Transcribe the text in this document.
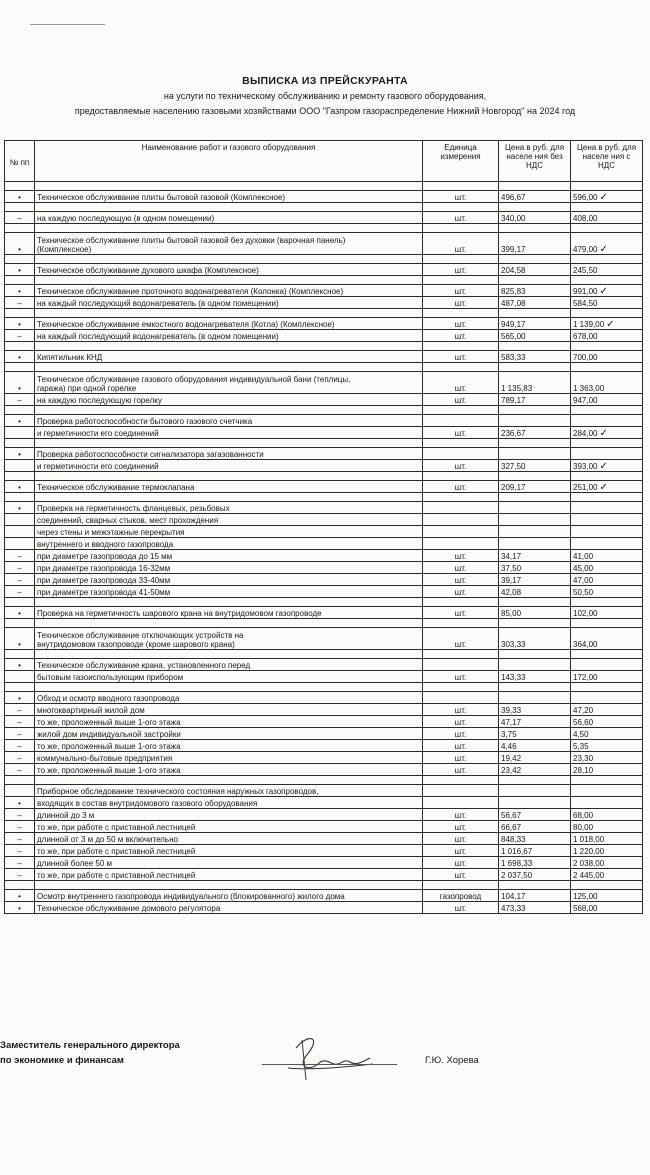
ВЫПИСКА ИЗ ПРЕЙСКУРАНТА
на услуги по техническому обслуживанию и ремонту газового оборудования,
предоставляемые населению газовыми хозяйствами ООО "Газпром газораспределение Нижний Новгород" на 2024 год
№ пп	Наименование работ и газового оборудования	Единица измерения	Цена в руб. для населе ния без НДС	Цена в руб. для населе ния с НДС

•	Техническое обслуживание плиты бытовой газовой (Комплексное)	шт.	496,67	596,00 ✓

–	на каждую последующую (в одном помещении)	шт.	340,00	408,00

•	Техническое обслуживание плиты бытовой газовой без духовки (варочная панель)
(Комплексное)	шт.	399,17	479,00 ✓

•	Техническое обслуживание духового шкафа (Комплексное)	шт.	204,58	245,50

•	Техническое обслуживание проточного водонагревателя (Колонка) (Комплексное)	шт.	825,83	991,00 ✓
–	на каждый последующий водонагреватель (в одном помещении)	шт.	487,08	584,50

•	Техническое обслуживание емкостного водонагревателя (Котла) (Комплексное)	шт.	949,17	1 139,00 ✓
–	на каждый последующий водонагреватель (в одном помещении)	шт.	565,00	678,00

•	Кипятильник КНД	шт.	583,33	700,00

•	Техническое обслуживание газового оборудования индивидуальной бани (теплицы,
гаража) при одной горелке	шт.	1 135,83	1 363,00
–	на каждую последующую горелку	шт.	789,17	947,00

•	Проверка работоспособности бытового газового счетчика			

	и герметичности его соединений	шт.	236,67	284,00 ✓

•	Проверка работоспособности сигнализатора загазованности			

	и герметичности его соединений	шт.	327,50	393,00 ✓

•	Техническое обслуживание термоклапана	шт.	209,17	251,00 ✓

•	Проверка на герметичность фланцевых, резьбовых			

	соединений, сварных стыков, мест прохождения			

	через стены и межэтажные перекрытия			

	внутреннего и вводного газопровода			

–	при диаметре газопровода до 15 мм	шт.	34,17	41,00
–	при диаметре газопровода 16-32мм	шт.	37,50	45,00
–	при диаметре газопровода 33-40мм	шт.	39,17	47,00
–	при диаметре газопровода 41-50мм	шт.	42,08	50,50

•	Проверка на герметичность шарового крана на внутридомовом газопроводе	шт.	85,00	102,00

•	Техническое обслуживание отключающих устройств на
внутридомовом газопроводе (кроме шарового крана)	шт.	303,33	364,00

•	Техническое обслуживание крана, установленного перед			

	бытовым газоиспользующим прибором	шт.	143,33	172,00

•	Обход и осмотр вводного газопровода			

–	многоквартирный жилой дом	шт.	39,33	47,20
–	то же, проложенный выше 1-ого этажа	шт.	47,17	56,60
–	жилой дом индивидуальной застройки	шт.	3,75	4,50
–	то же, проложенный выше 1-ого этажа	шт.	4,46	5,35
–	коммунально-бытовые предприятия	шт.	19,42	23,30
–	то же, проложенный выше 1-ого этажа	шт.	23,42	28,10

	Приборное обследование технического состояния наружных газопроводов,			

•	входящих в состав внутридомового газового оборудования			

–	длинной до 3 м	шт.	56,67	68,00
–	то же, при работе с приставной лестницей	шт.	66,67	80,00
–	длинной от 3 м до 50 м включительно	шт.	848,33	1 018,00
–	то же, при работе с приставной лестницей	шт.	1 016,67	1 220,00
–	длинной более 50 м	шт.	1 698,33	2 038,00
–	то же, при работе с приставной лестницей	шт.	2 037,50	2 445,00

•	Осмотр внутреннего газопровода индивидуального (блокированного) жилого дома	газопровод	104,17	125,00
•	Техническое обслуживание домового регулятора	шт.	473,33	568,00
Заместитель генерального директора
по экономике и финансам	Г.Ю. Хорева
